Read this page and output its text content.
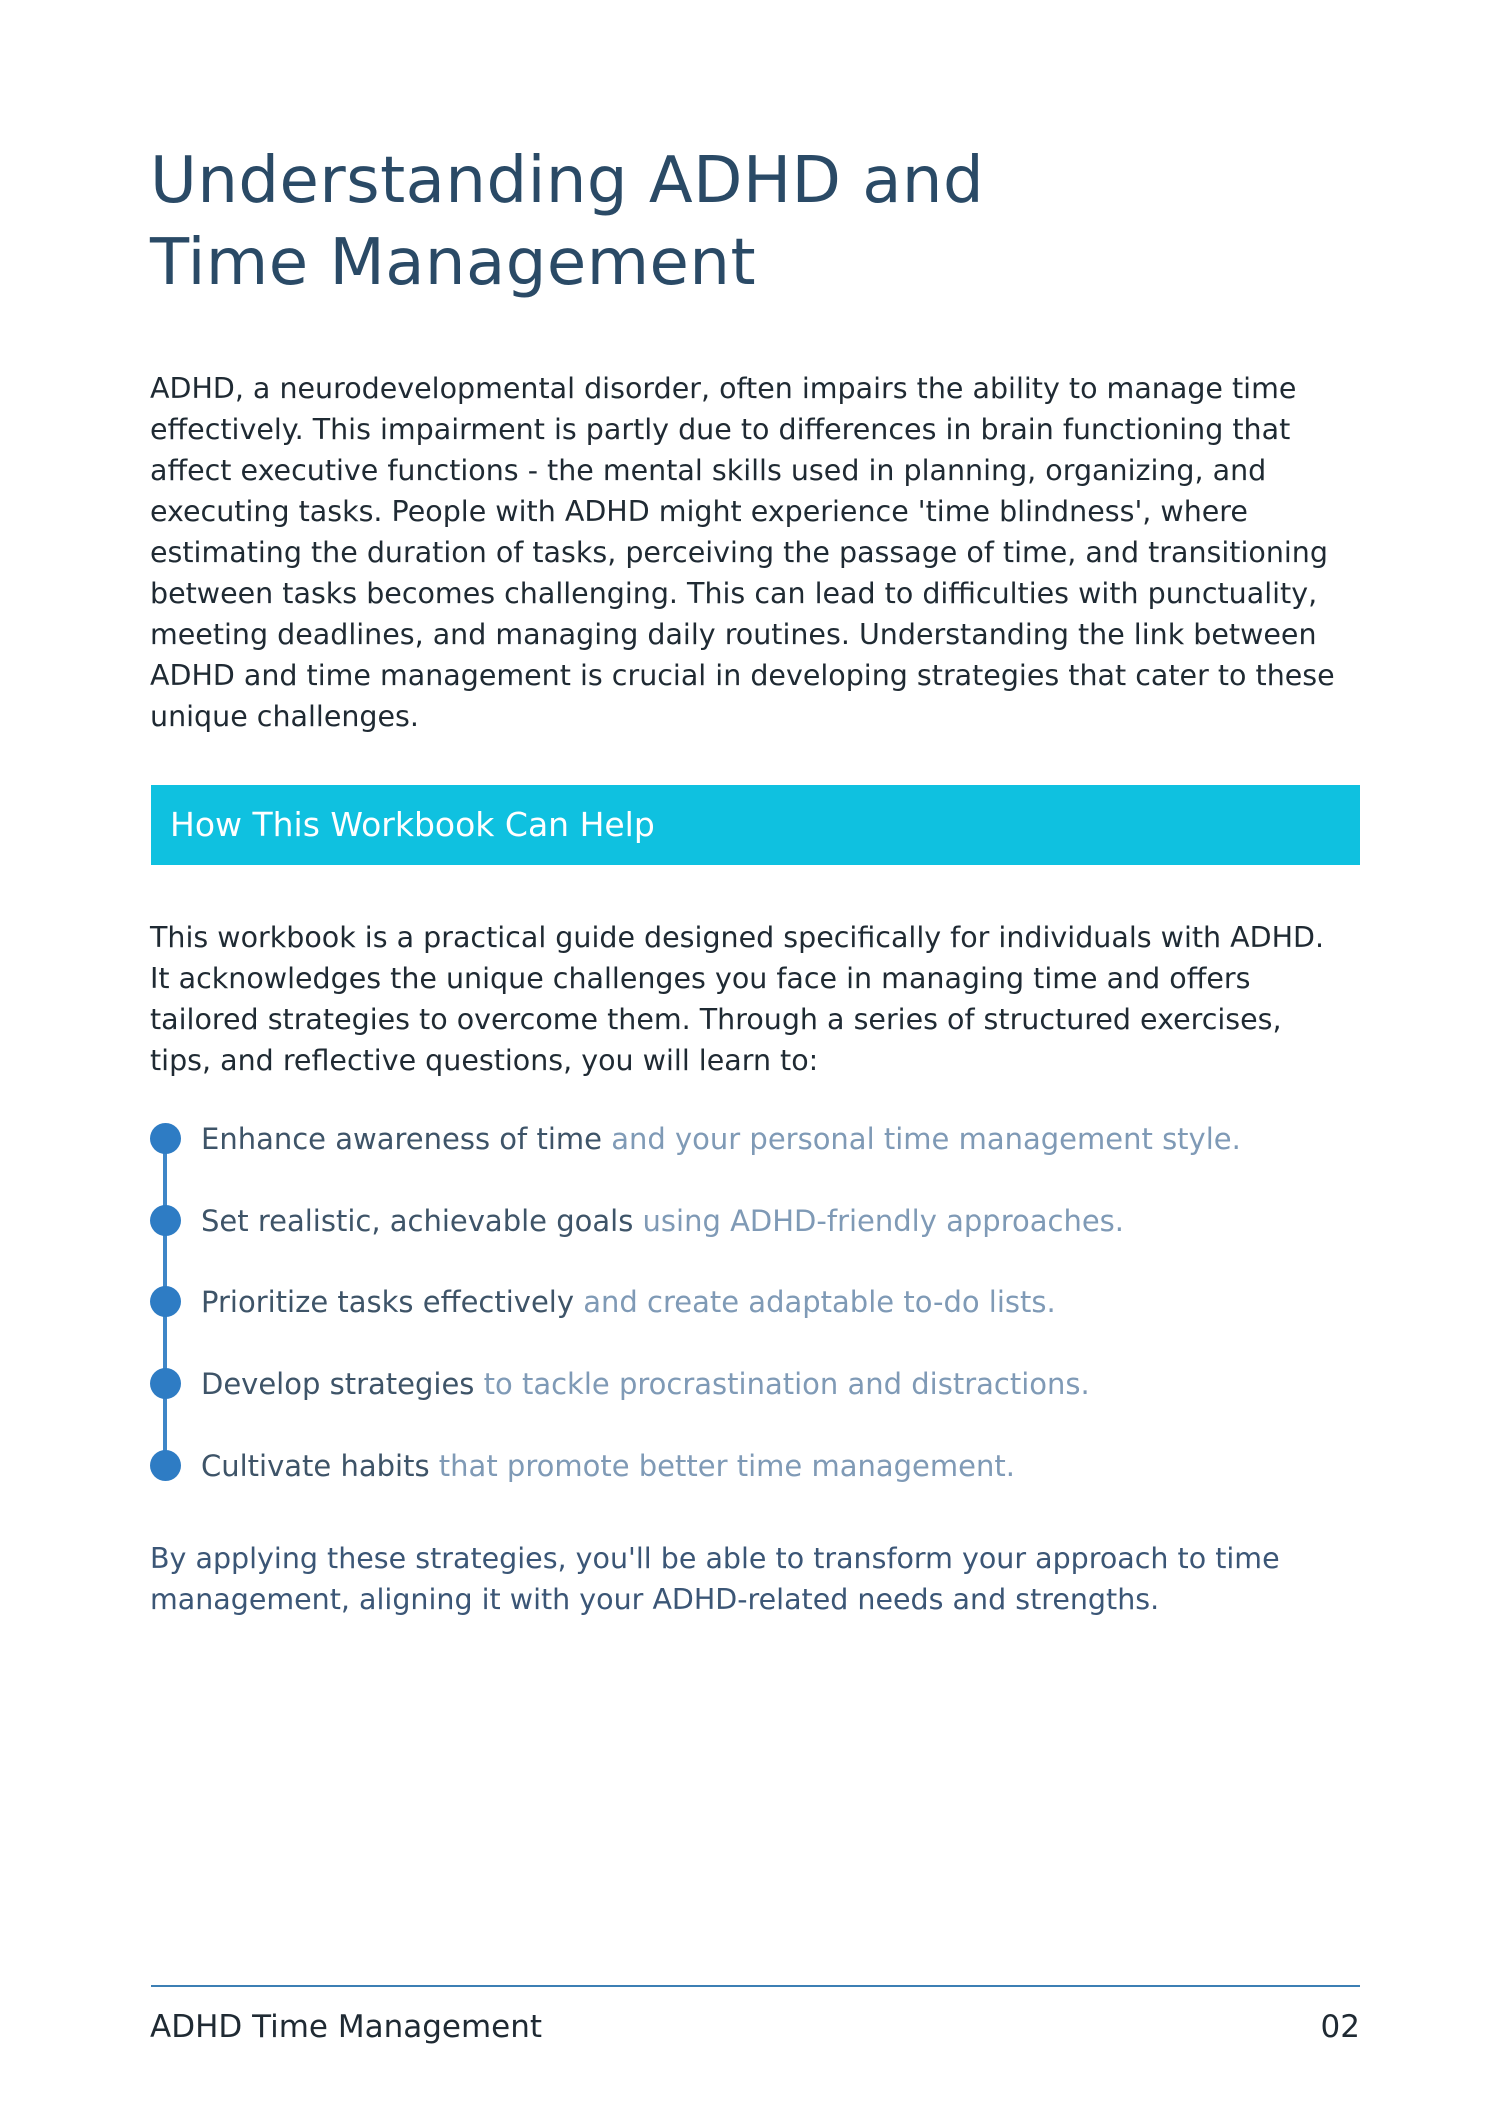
Understanding ADHD and
Time Management

ADHD, a neurodevelopmental disorder, often impairs the ability to manage time effectively. This impairment is partly due to differences in brain functioning that affect executive functions - the mental skills used in planning, organizing, and executing tasks. People with ADHD might experience 'time blindness', where estimating the duration of tasks, perceiving the passage of time, and transitioning between tasks becomes challenging. This can lead to difficulties with punctuality, meeting deadlines, and managing daily routines. Understanding the link between ADHD and time management is crucial in developing strategies that cater to these unique challenges.

How This Workbook Can Help

This workbook is a practical guide designed specifically for individuals with ADHD. It acknowledges the unique challenges you face in managing time and offers tailored strategies to overcome them. Through a series of structured exercises, tips, and reflective questions, you will learn to:

Enhance awareness of time and your personal time management style.
Set realistic, achievable goals using ADHD-friendly approaches.
Prioritize tasks effectively and create adaptable to-do lists.
Develop strategies to tackle procrastination and distractions.
Cultivate habits that promote better time management.

By applying these strategies, you'll be able to transform your approach to time management, aligning it with your ADHD-related needs and strengths.

ADHD Time Management	02
